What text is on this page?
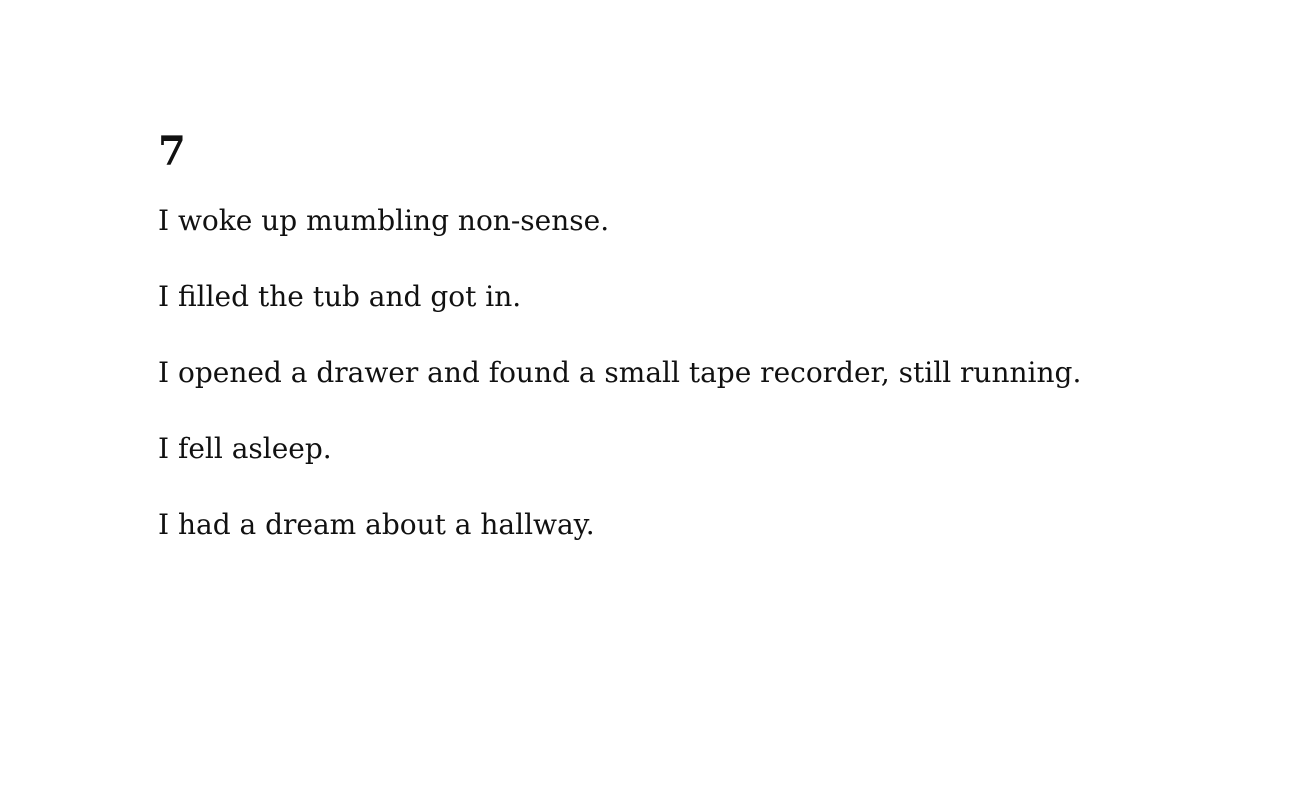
7

I woke up mumbling non-sense.

I filled the tub and got in.

I opened a drawer and found a small tape recorder, still running.

I fell asleep.

I had a dream about a hallway.
